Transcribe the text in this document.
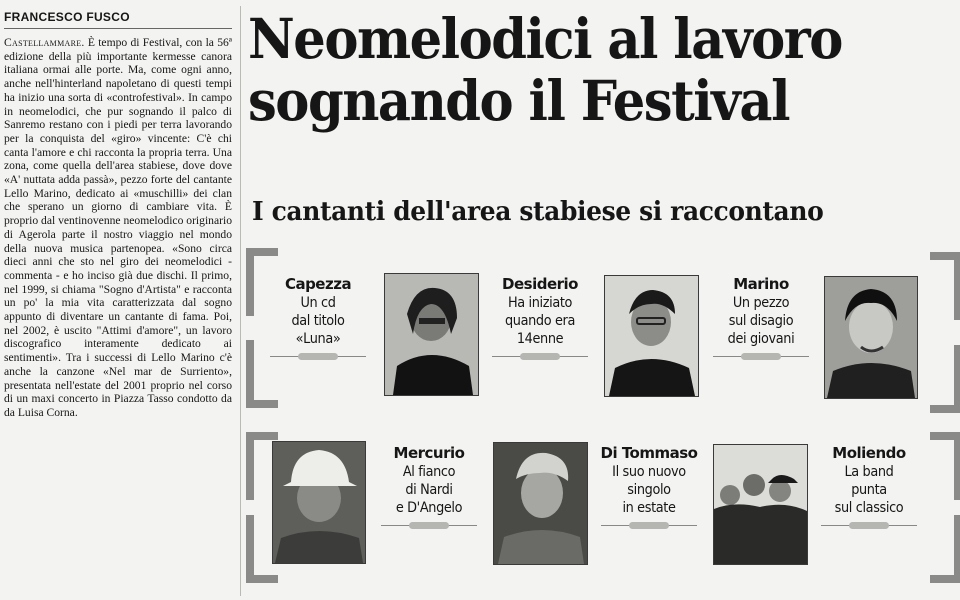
FRANCESCO FUSCO

Castellammare. È tempo di Festival, con la 56ª edizione della più importante kermesse canora italiana ormai alle porte. Ma, come ogni anno, anche nell'hinterland napoletano di questi tempi ha inizio una sorta di «controfestival». In campo in neomelodici, che pur sognando il palco di Sanremo restano con i piedi per terra lavorando per la conquista del «giro» vincente: C'è chi canta l'amore e chi racconta la propria terra. Una zona, come quella dell'area stabiese, dove dove «A' nuttata adda passà», pezzo forte del cantante Lello Marino, dedicato ai «muschilli» dei clan che sperano un giorno di cambiare vita. È proprio dal ventinovenne neomelodico originario di Agerola parte il nostro viaggio nel mondo della nuova musica partenopea. «Sono circa dieci anni che sto nel giro dei neomelodici - commenta - e ho inciso già due dischi. Il primo, nel 1999, si chiama "Sogno d'Artista" e racconta un po' la mia vita caratterizzata dal sogno appunto di diventare un cantante di fama. Poi, nel 2002, è uscito "Attimi d'amore", un lavoro discografico interamente dedicato ai sentimenti». Tra i successi di Lello Marino c'è anche la canzone «Nel mar de Surriento», presentata nell'estate del 2001 proprio nel corso di un maxi concerto in Piazza Tasso condotto da da Luisa Corna.

Neomelodici al lavoro
sognando il Festival
I cantanti dell'area stabiese si raccontano
Capezza
Un cd
dal titolo
«Luna»
Desiderio
Ha iniziato
quando era
14enne
Marino
Un pezzo
sul disagio
dei giovani
Mercurio
Al fianco
di Nardi
e D'Angelo
Di Tommaso
Il suo nuovo
singolo
in estate
Moliendo
La band
punta
sul classico
